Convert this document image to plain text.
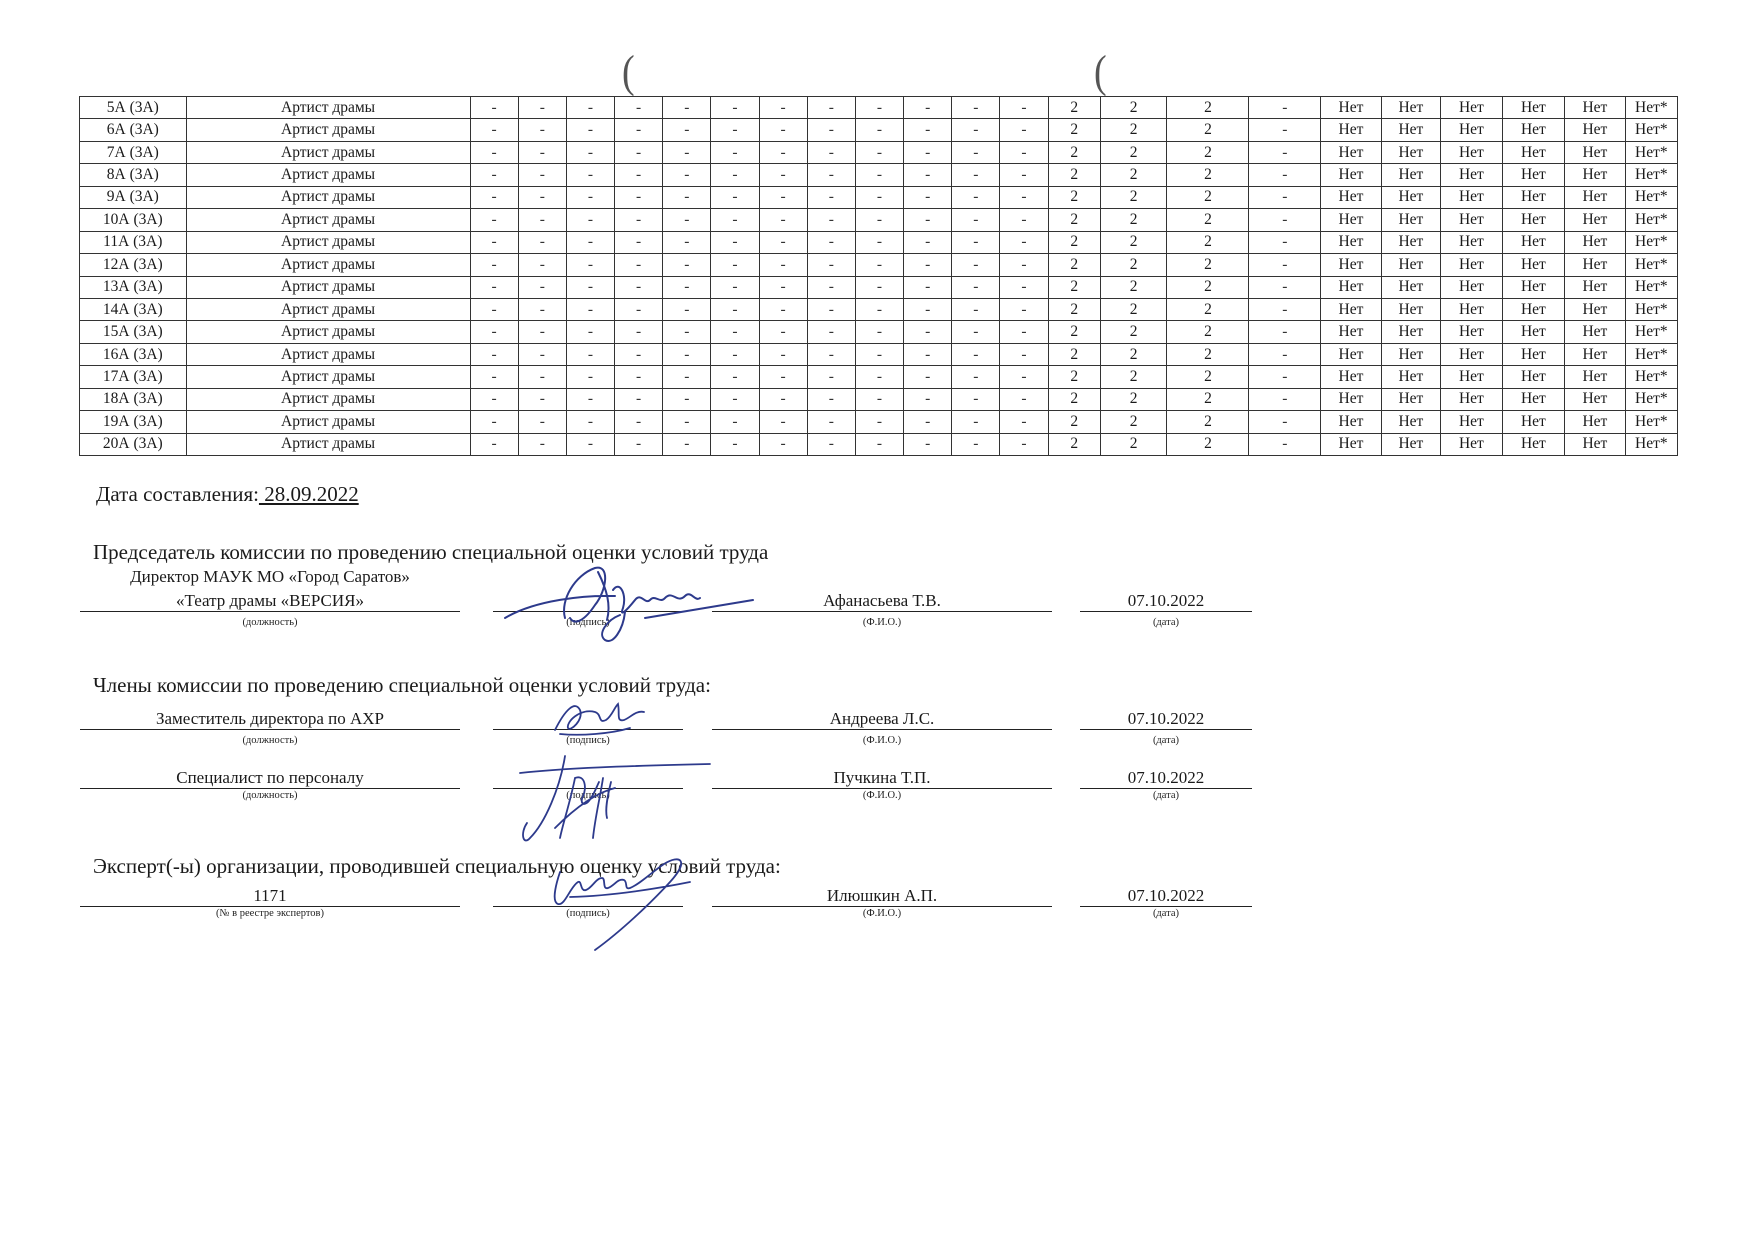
(	(
5А (3А)	Артист драмы	-	-	-	-	-	-	-	-	-	-	-	-	2	2	2	-	Нет	Нет	Нет	Нет	Нет	Нет*
6А (3А)	Артист драмы	-	-	-	-	-	-	-	-	-	-	-	-	2	2	2	-	Нет	Нет	Нет	Нет	Нет	Нет*
7А (3А)	Артист драмы	-	-	-	-	-	-	-	-	-	-	-	-	2	2	2	-	Нет	Нет	Нет	Нет	Нет	Нет*
8А (3А)	Артист драмы	-	-	-	-	-	-	-	-	-	-	-	-	2	2	2	-	Нет	Нет	Нет	Нет	Нет	Нет*
9А (3А)	Артист драмы	-	-	-	-	-	-	-	-	-	-	-	-	2	2	2	-	Нет	Нет	Нет	Нет	Нет	Нет*
10А (3А)	Артист драмы	-	-	-	-	-	-	-	-	-	-	-	-	2	2	2	-	Нет	Нет	Нет	Нет	Нет	Нет*
11А (3А)	Артист драмы	-	-	-	-	-	-	-	-	-	-	-	-	2	2	2	-	Нет	Нет	Нет	Нет	Нет	Нет*
12А (3А)	Артист драмы	-	-	-	-	-	-	-	-	-	-	-	-	2	2	2	-	Нет	Нет	Нет	Нет	Нет	Нет*
13А (3А)	Артист драмы	-	-	-	-	-	-	-	-	-	-	-	-	2	2	2	-	Нет	Нет	Нет	Нет	Нет	Нет*
14А (3А)	Артист драмы	-	-	-	-	-	-	-	-	-	-	-	-	2	2	2	-	Нет	Нет	Нет	Нет	Нет	Нет*
15А (3А)	Артист драмы	-	-	-	-	-	-	-	-	-	-	-	-	2	2	2	-	Нет	Нет	Нет	Нет	Нет	Нет*
16А (3А)	Артист драмы	-	-	-	-	-	-	-	-	-	-	-	-	2	2	2	-	Нет	Нет	Нет	Нет	Нет	Нет*
17А (3А)	Артист драмы	-	-	-	-	-	-	-	-	-	-	-	-	2	2	2	-	Нет	Нет	Нет	Нет	Нет	Нет*
18А (3А)	Артист драмы	-	-	-	-	-	-	-	-	-	-	-	-	2	2	2	-	Нет	Нет	Нет	Нет	Нет	Нет*
19А (3А)	Артист драмы	-	-	-	-	-	-	-	-	-	-	-	-	2	2	2	-	Нет	Нет	Нет	Нет	Нет	Нет*
20А (3А)	Артист драмы	-	-	-	-	-	-	-	-	-	-	-	-	2	2	2	-	Нет	Нет	Нет	Нет	Нет	Нет*
Дата составления: 28.09.2022
Председатель комиссии по проведению специальной оценки условий труда
Директор МАУК МО «Город Саратов»
«Театр драмы «ВЕРСИЯ»
(должность)	(подпись)
Афанасьева Т.В.
(Ф.И.О.)
07.10.2022
(дата)
Члены комиссии по проведению специальной оценки условий труда:
Заместитель директора по АХР
(должность)	(подпись)
Андреева Л.С.
(Ф.И.О.)
07.10.2022
(дата)
Специалист по персоналу
(должность)	(подпись)
Пучкина Т.П.
(Ф.И.О.)
07.10.2022
(дата)
Эксперт(-ы) организации, проводившей специальную оценку условий труда:
1171
(№ в реестре экспертов)	(подпись)
Илюшкин А.П.
(Ф.И.О.)
07.10.2022
(дата)
